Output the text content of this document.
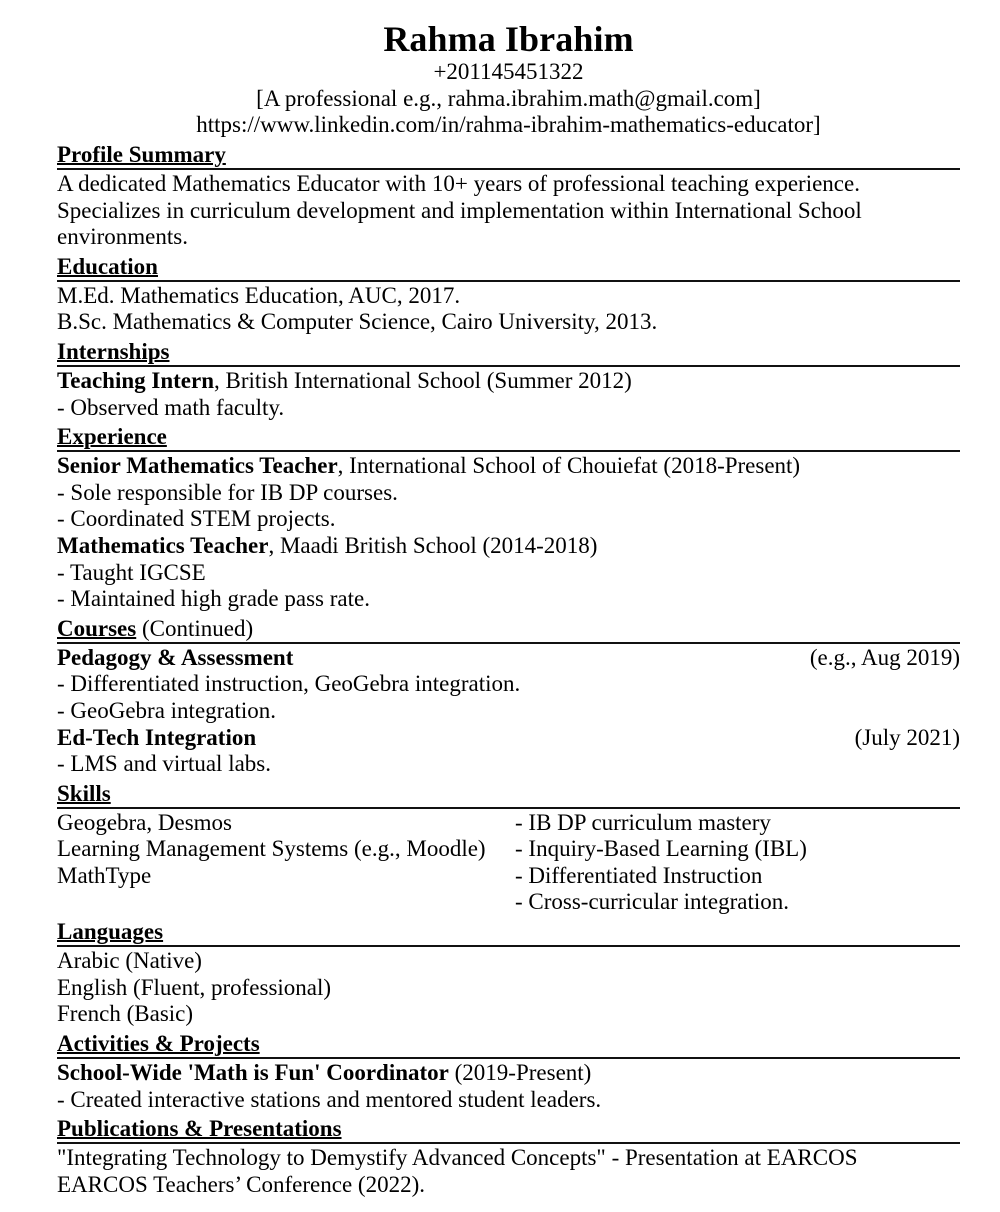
Rahma Ibrahim
+201145451322
[A professional e.g., rahma.ibrahim.math@gmail.com]
https://www.linkedin.com/in/rahma-ibrahim-mathematics-educator]
Profile Summary
A dedicated Mathematics Educator with 10+ years of professional teaching experience. Specializes in curriculum development and implementation within International School environments.
Education
M.Ed. Mathematics Education, AUC, 2017.
B.Sc. Mathematics & Computer Science, Cairo University, 2013.
Internships
Teaching Intern, British International School (Summer 2012)
- Observed math faculty.
Experience
Senior Mathematics Teacher, International School of Chouiefat (2018-Present)
- Sole responsible for IB DP courses.
- Coordinated STEM projects.
Mathematics Teacher, Maadi British School (2014-2018)
- Taught IGCSE
- Maintained high grade pass rate.
Courses (Continued)
Pedagogy & Assessment	(e.g., Aug 2019)
- Differentiated instruction, GeoGebra integration.
- GeoGebra integration.
Ed-Tech Integration	(July 2021)
- LMS and virtual labs.
Skills
Geogebra, Desmos
Learning Management Systems (e.g., Moodle)
MathType
- IB DP curriculum mastery
- Inquiry-Based Learning (IBL)
- Differentiated Instruction
- Cross-curricular integration.
Languages
Arabic (Native)
English (Fluent, professional)
French (Basic)
Activities & Projects
School-Wide 'Math is Fun' Coordinator (2019-Present)
- Created interactive stations and mentored student leaders.
Publications & Presentations
"Integrating Technology to Demystify Advanced Concepts" - Presentation at EARCOS
EARCOS Teachers’ Conference (2022).
